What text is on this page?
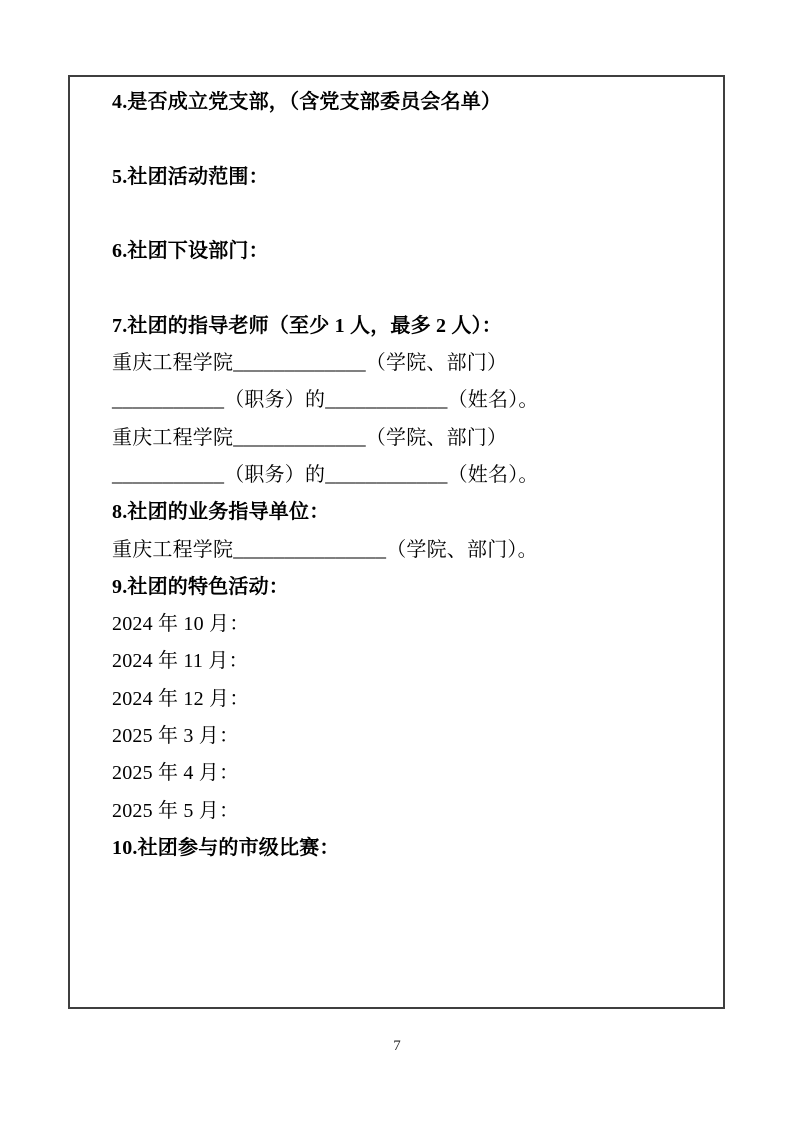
4.是否成立党支部，（含党支部委员会名单）
5.社团活动范围：
6.社团下设部门：
7.社团的指导老师（至少 1 人，最多 2 人）：
重庆工程学院_____________（学院、部门）
___________（职务）的____________（姓名）。
重庆工程学院_____________（学院、部门）
___________（职务）的____________（姓名）。
8.社团的业务指导单位：
重庆工程学院_______________（学院、部门）。
9.社团的特色活动：
2024 年 10 月：
2024 年 11 月：
2024 年 12 月：
2025 年 3 月：
2025 年 4 月：
2025 年 5 月：
10.社团参与的市级比赛：
7
